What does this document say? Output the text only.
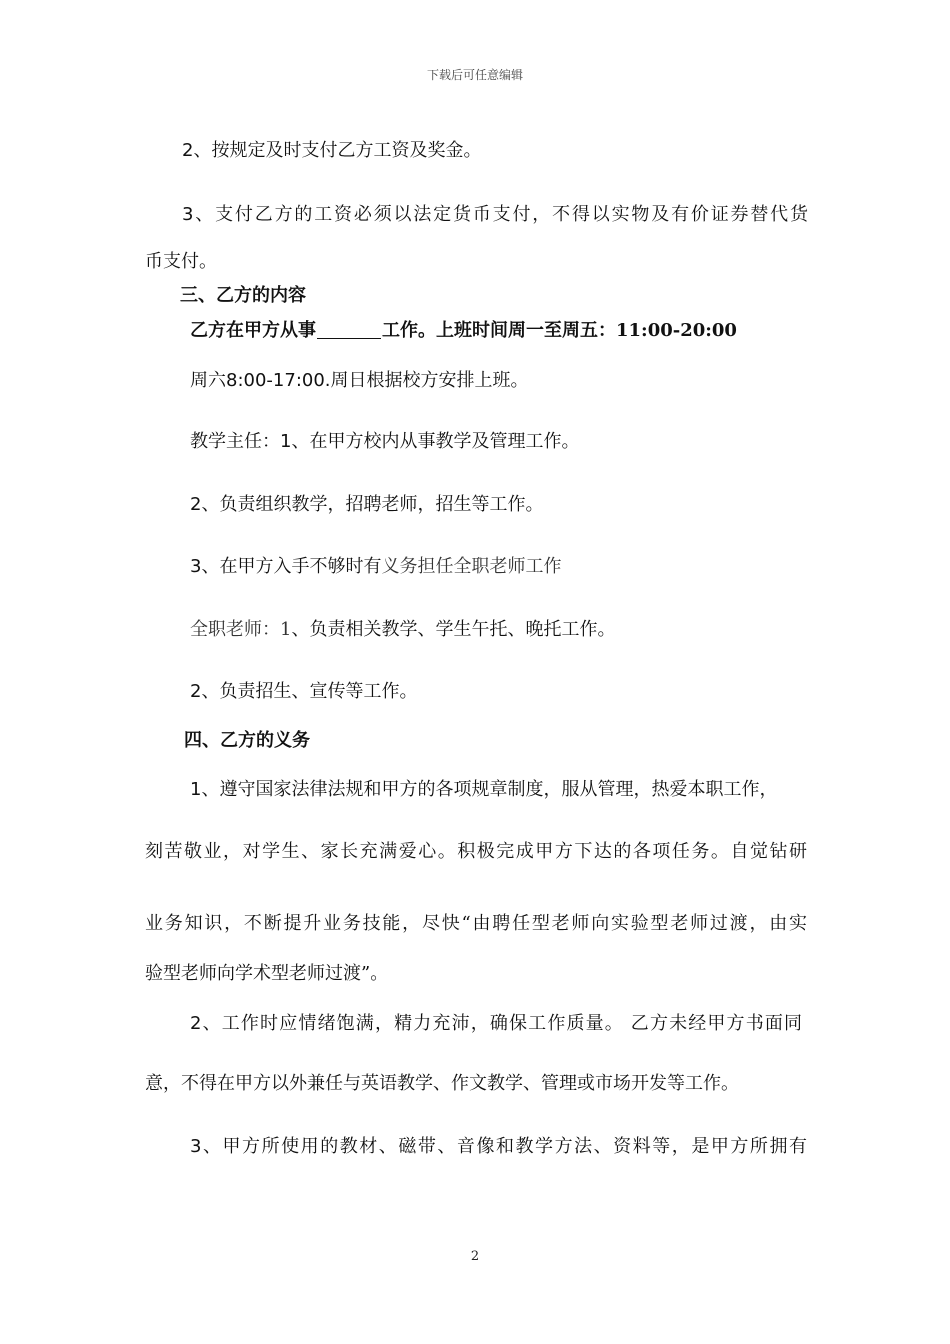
下载后可任意编辑
2、按规定及时支付乙方工资及奖金。
3、支付乙方的工资必须以法定货币支付，不得以实物及有价证券替代货
币支付。
三、乙方的内容
乙方在甲方从事	工作。上班时间周一至周五：11:00-20:00
周六8:00-17:00.周日根据校方安排上班。
教学主任：1、在甲方校内从事教学及管理工作。
2、负责组织教学，招聘老师，招生等工作。
3、在甲方入手不够时有义务担任全职老师工作
全职老师：1、负责相关教学、学生午托、晚托工作。
2、负责招生、宣传等工作。
四、乙方的义务
1、遵守国家法律法规和甲方的各项规章制度，服从管理，热爱本职工作，
刻苦敬业，对学生、家长充满爱心。积极完成甲方下达的各项任务。自觉钻研
业务知识，不断提升业务技能，尽快“由聘任型老师向实验型老师过渡，由实
验型老师向学术型老师过渡”。
2、工作时应情绪饱满，精力充沛，确保工作质量。 乙方未经甲方书面同
意，不得在甲方以外兼任与英语教学、作文教学、管理或市场开发等工作。
3、甲方所使用的教材、磁带、音像和教学方法、资料等，是甲方所拥有
2
